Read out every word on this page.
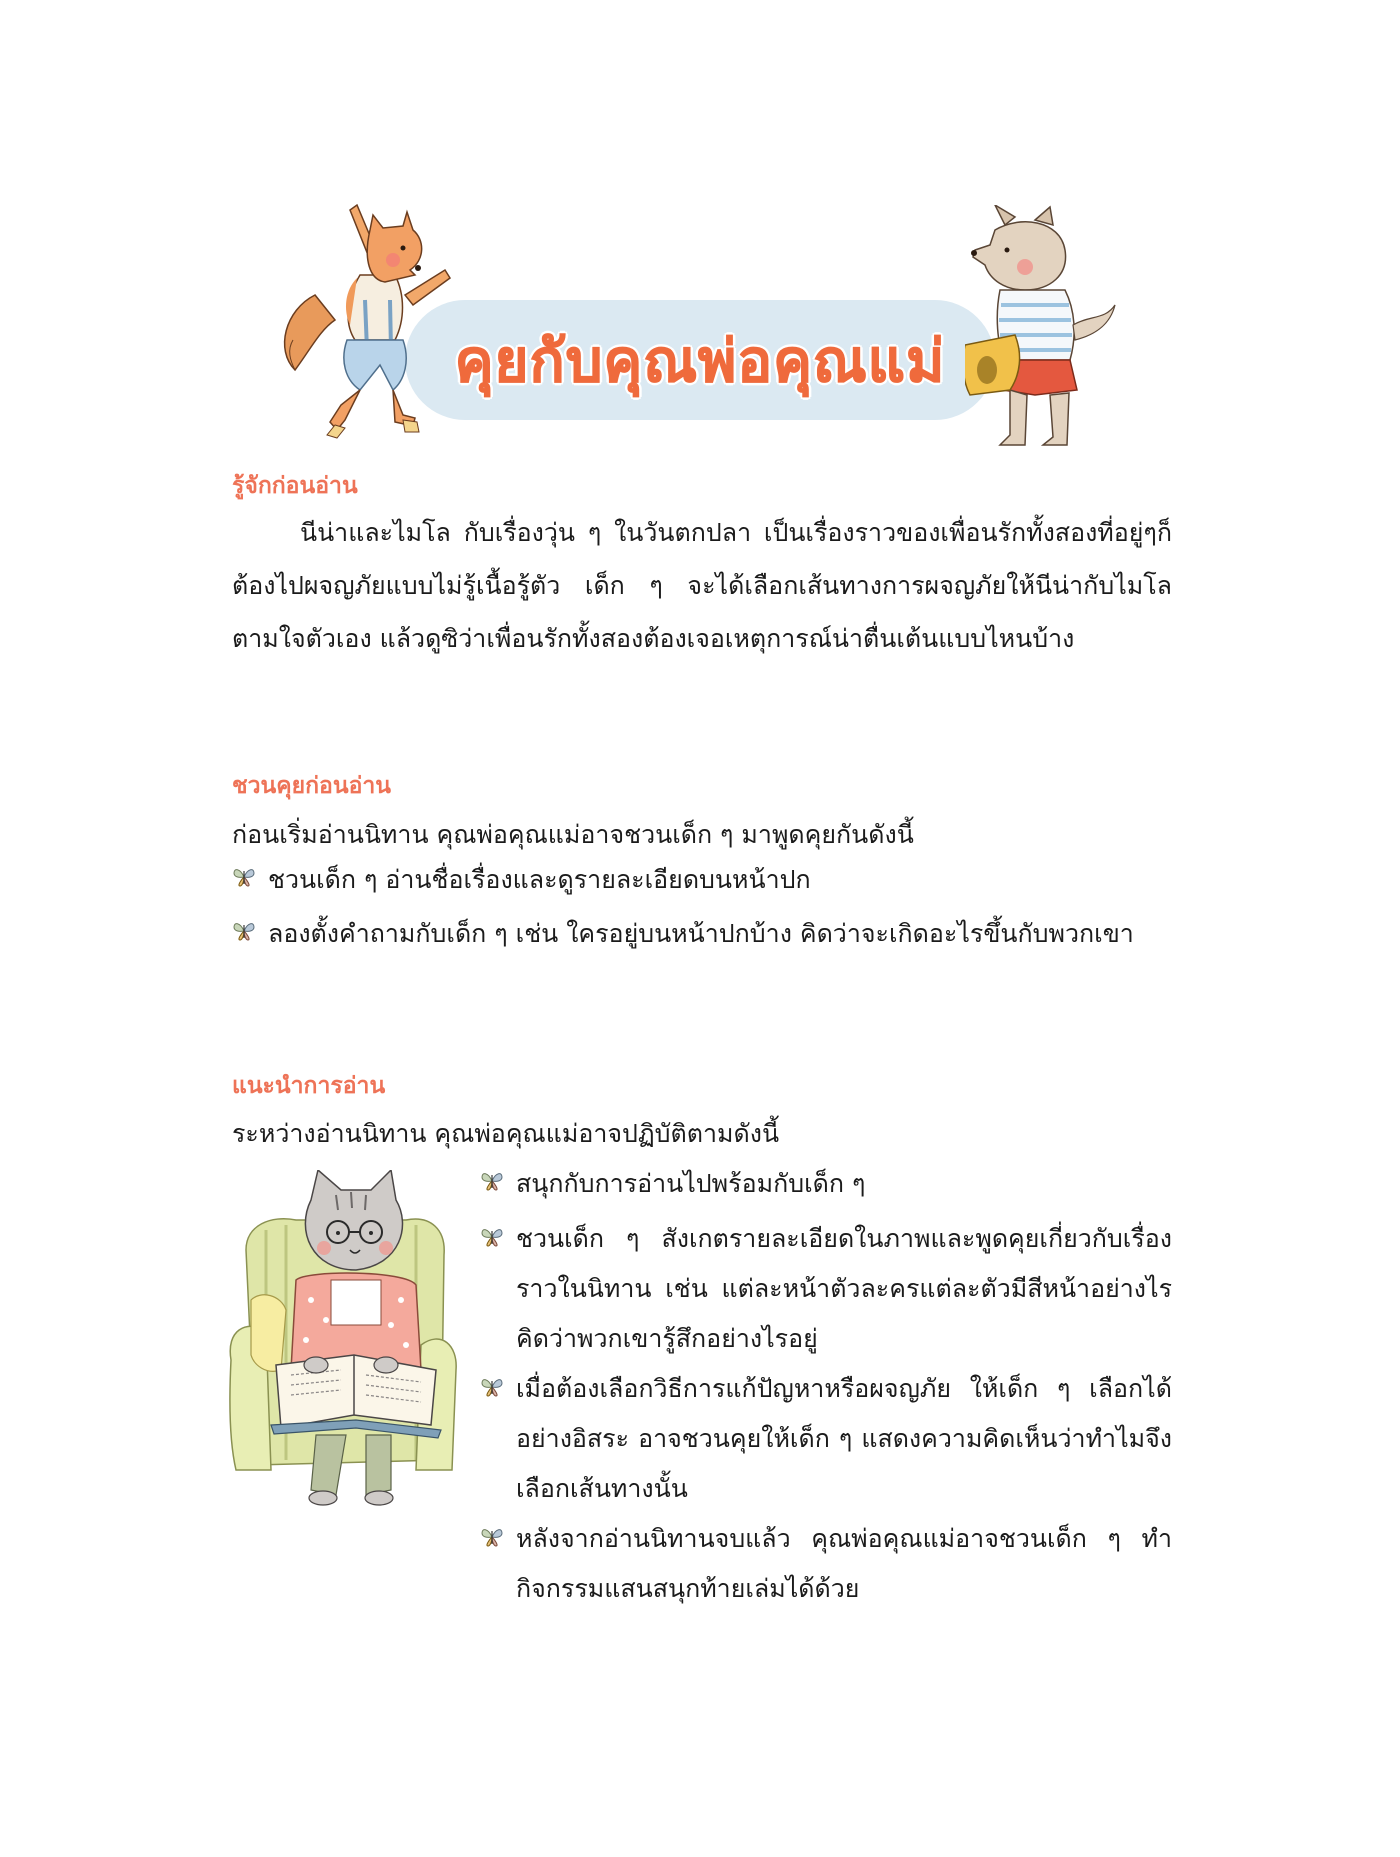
คุยกับคุณพ่อคุณแม่
รู้จักก่อนอ่าน
นีน่าและไมโล กับเรื่องวุ่น ๆ ในวันตกปลา เป็นเรื่องราวของเพื่อนรักทั้งสองที่อยู่ๆก็ต้องไปผจญภัยแบบไม่รู้เนื้อรู้ตัว เด็ก ๆ จะได้เลือกเส้นทางการผจญภัยให้นีน่ากับไมโลตามใจตัวเอง แล้วดูซิว่าเพื่อนรักทั้งสองต้องเจอเหตุการณ์น่าตื่นเต้นแบบไหนบ้าง
ชวนคุยก่อนอ่าน
ก่อนเริ่มอ่านนิทาน คุณพ่อคุณแม่อาจชวนเด็ก ๆ มาพูดคุยกันดังนี้
ชวนเด็ก ๆ อ่านชื่อเรื่องและดูรายละเอียดบนหน้าปก
ลองตั้งคำถามกับเด็ก ๆ เช่น ใครอยู่บนหน้าปกบ้าง คิดว่าจะเกิดอะไรขึ้นกับพวกเขา
แนะนำการอ่าน
ระหว่างอ่านนิทาน คุณพ่อคุณแม่อาจปฏิบัติตามดังนี้
สนุกกับการอ่านไปพร้อมกับเด็ก ๆ
ชวนเด็ก ๆ สังเกตรายละเอียดในภาพและพูดคุยเกี่ยวกับเรื่องราวในนิทาน เช่น แต่ละหน้าตัวละครแต่ละตัวมีสีหน้าอย่างไร คิดว่าพวกเขารู้สึกอย่างไรอยู่
เมื่อต้องเลือกวิธีการแก้ปัญหาหรือผจญภัย ให้เด็ก ๆ เลือกได้อย่างอิสระ อาจชวนคุยให้เด็ก ๆ แสดงความคิดเห็นว่าทำไมจึงเลือกเส้นทางนั้น
หลังจากอ่านนิทานจบแล้ว คุณพ่อคุณแม่อาจชวนเด็ก ๆ ทำกิจกรรมแสนสนุกท้ายเล่มได้ด้วย
